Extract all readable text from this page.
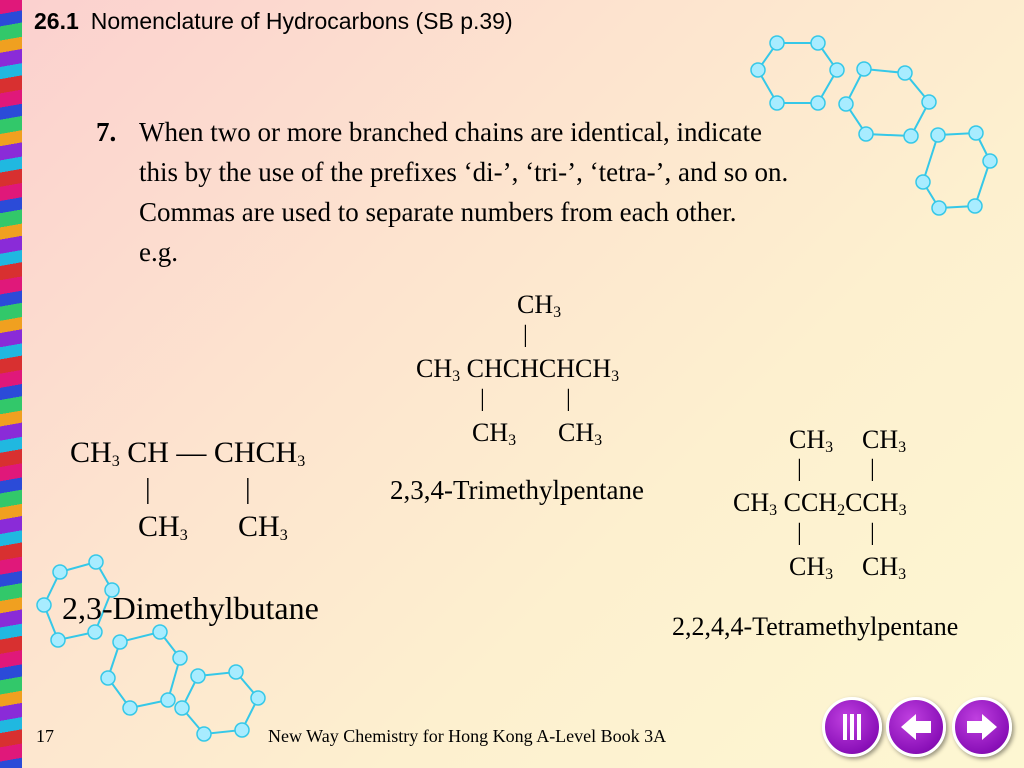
26.1 Nomenclature of Hydrocarbons (SB p.39)
7. When two or more branched chains are identical, indicate
this by the use of the prefixes ‘di-’, ‘tri-’, ‘tetra-’, and so on.
Commas are used to separate numbers from each other.
e.g.
$CH_3$ CH — $CHCH_3$
|	|
$CH_3$ $CH_3$
2,3-Dimethylbutane
$CH_3$
|
$CH_3$ $CHCHCHCH_3$
|	|
$CH_3$ $CH_3$
2,3,4-Trimethylpentane
$CH_3$ $CH_3$
|	|
$CH_3$ $CCH_2CCH_3$
|	|
$CH_3$ $CH_3$
2,2,4,4-Tetramethylpentane
17	New Way Chemistry for Hong Kong A-Level Book 3A
